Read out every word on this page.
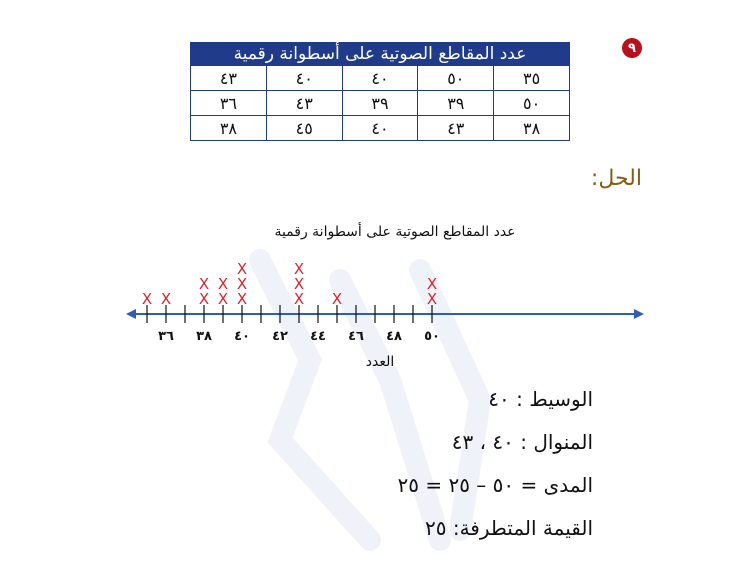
٩
عدد المقاطع الصوتية على أسطوانة رقمية				
٣٥	٥٠	٤٠	٤٠	٤٣
٥٠	٣٩	٣٩	٤٣	٣٦
٣٨	٤٣	٤٠	٤٥	٣٨
الحل:
عدد المقاطع الصوتية على أسطوانة رقمية
٣٦ ٣٨ ٤٠ ٤٢ ٤٤ ٤٦ ٤٨ ٥٠
X X X
X
X
X
X
X
X
X
X
X
X	X
X
العدد
الوسيط : ٤٠
المنوال : ٤٠ ، ٤٣
المدى = ٥٠ – ٢٥ = ٢٥
القيمة المتطرفة: ٢٥
